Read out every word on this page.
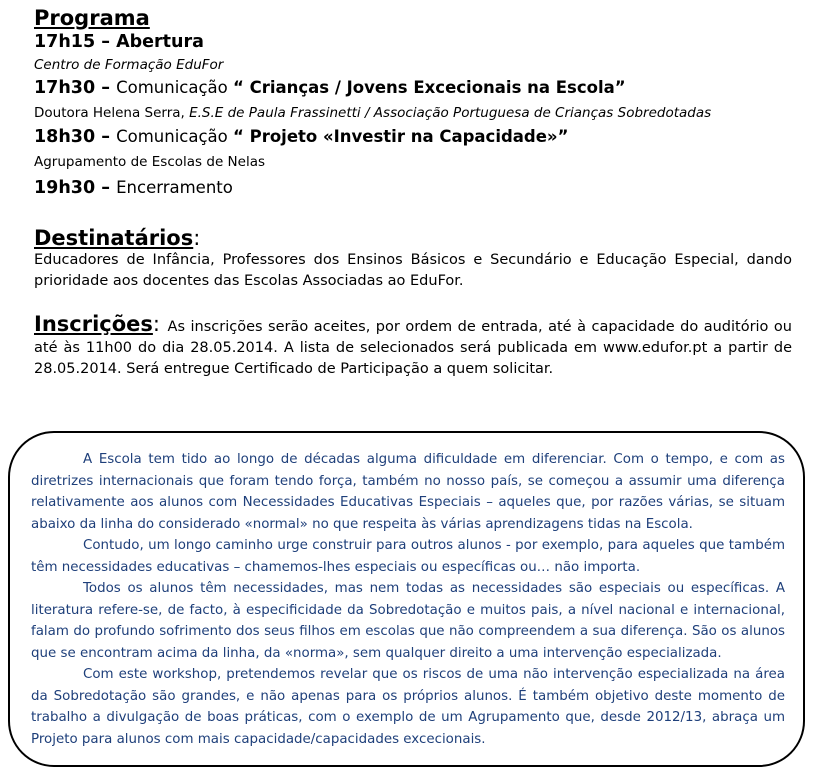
Programa
17h15 – Abertura
Centro de Formação EduFor
17h30 – Comunicação “ Crianças / Jovens Excecionais na Escola”
Doutora Helena Serra, E.S.E de Paula Frassinetti / Associação Portuguesa de Crianças Sobredotadas
18h30 – Comunicação “ Projeto «Investir na Capacidade»”
Agrupamento de Escolas de Nelas
19h30 – Encerramento
Destinatários:
Educadores de Infância, Professores dos Ensinos Básicos e Secundário e Educação Especial, dando prioridade aos docentes das Escolas Associadas ao EduFor.
Inscrições: As inscrições serão aceites, por ordem de entrada, até à capacidade do auditório ou até às 11h00 do dia 28.05.2014. A lista de selecionados será publicada em www.edufor.pt a partir de 28.05.2014. Será entregue Certificado de Participação a quem solicitar.

A Escola tem tido ao longo de décadas alguma dificuldade em diferenciar. Com o tempo, e com as diretrizes internacionais que foram tendo força, também no nosso país, se começou a assumir uma diferença relativamente aos alunos com Necessidades Educativas Especiais – aqueles que, por razões várias, se situam abaixo da linha do considerado «normal» no que respeita às várias aprendizagens tidas na Escola.

Contudo, um longo caminho urge construir para outros alunos - por exemplo, para aqueles que também têm necessidades educativas – chamemos-lhes especiais ou específicas ou… não importa.

Todos os alunos têm necessidades, mas nem todas as necessidades são especiais ou específicas. A literatura refere-se, de facto, à especificidade da Sobredotação e muitos pais, a nível nacional e internacional, falam do profundo sofrimento dos seus filhos em escolas que não compreendem a sua diferença. São os alunos que se encontram acima da linha, da «norma», sem qualquer direito a uma intervenção especializada.

Com este workshop, pretendemos revelar que os riscos de uma não intervenção especializada na área da Sobredotação são grandes, e não apenas para os próprios alunos. É também objetivo deste momento de trabalho a divulgação de boas práticas, com o exemplo de um Agrupamento que, desde 2012/13, abraça um Projeto para alunos com mais capacidade/capacidades excecionais.
